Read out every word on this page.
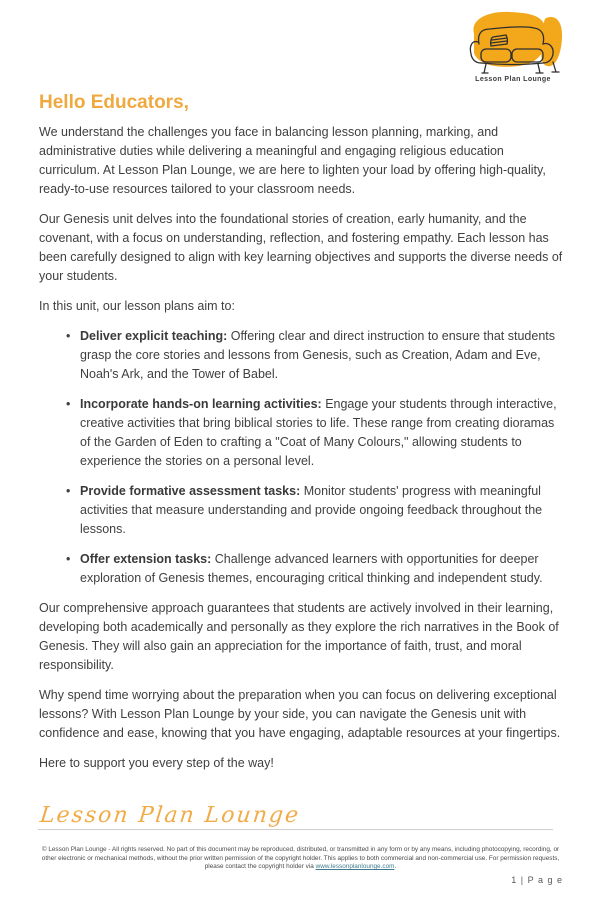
Lesson Plan Lounge
Hello Educators,

We understand the challenges you face in balancing lesson planning, marking, and administrative duties while delivering a meaningful and engaging religious education curriculum. At Lesson Plan Lounge, we are here to lighten your load by offering high-quality, ready-to-use resources tailored to your classroom needs.

Our Genesis unit delves into the foundational stories of creation, early humanity, and the covenant, with a focus on understanding, reflection, and fostering empathy. Each lesson has been carefully designed to align with key learning objectives and supports the diverse needs of your students.

In this unit, our lesson plans aim to:

• Deliver explicit teaching: Offering clear and direct instruction to ensure that students grasp the core stories and lessons from Genesis, such as Creation, Adam and Eve, Noah's Ark, and the Tower of Babel.
• Incorporate hands-on learning activities: Engage your students through interactive, creative activities that bring biblical stories to life. These range from creating dioramas of the Garden of Eden to crafting a "Coat of Many Colours," allowing students to experience the stories on a personal level.
• Provide formative assessment tasks: Monitor students' progress with meaningful activities that measure understanding and provide ongoing feedback throughout the lessons.
• Offer extension tasks: Challenge advanced learners with opportunities for deeper exploration of Genesis themes, encouraging critical thinking and independent study.

Our comprehensive approach guarantees that students are actively involved in their learning, developing both academically and personally as they explore the rich narratives in the Book of Genesis. They will also gain an appreciation for the importance of faith, trust, and moral responsibility.

Why spend time worrying about the preparation when you can focus on delivering exceptional lessons? With Lesson Plan Lounge by your side, you can navigate the Genesis unit with confidence and ease, knowing that you have engaging, adaptable resources at your fingertips.

Here to support you every step of the way!

Lesson Plan Lounge
© Lesson Plan Lounge - All rights reserved. No part of this document may be reproduced, distributed, or transmitted in any form or by any means, including photocopying, recording, or other electronic or mechanical methods, without the prior written permission of the copyright holder. This applies to both commercial and non-commercial use. For permission requests, please contact the copyright holder via www.lessonplanlounge.com.
1 | P a g e
